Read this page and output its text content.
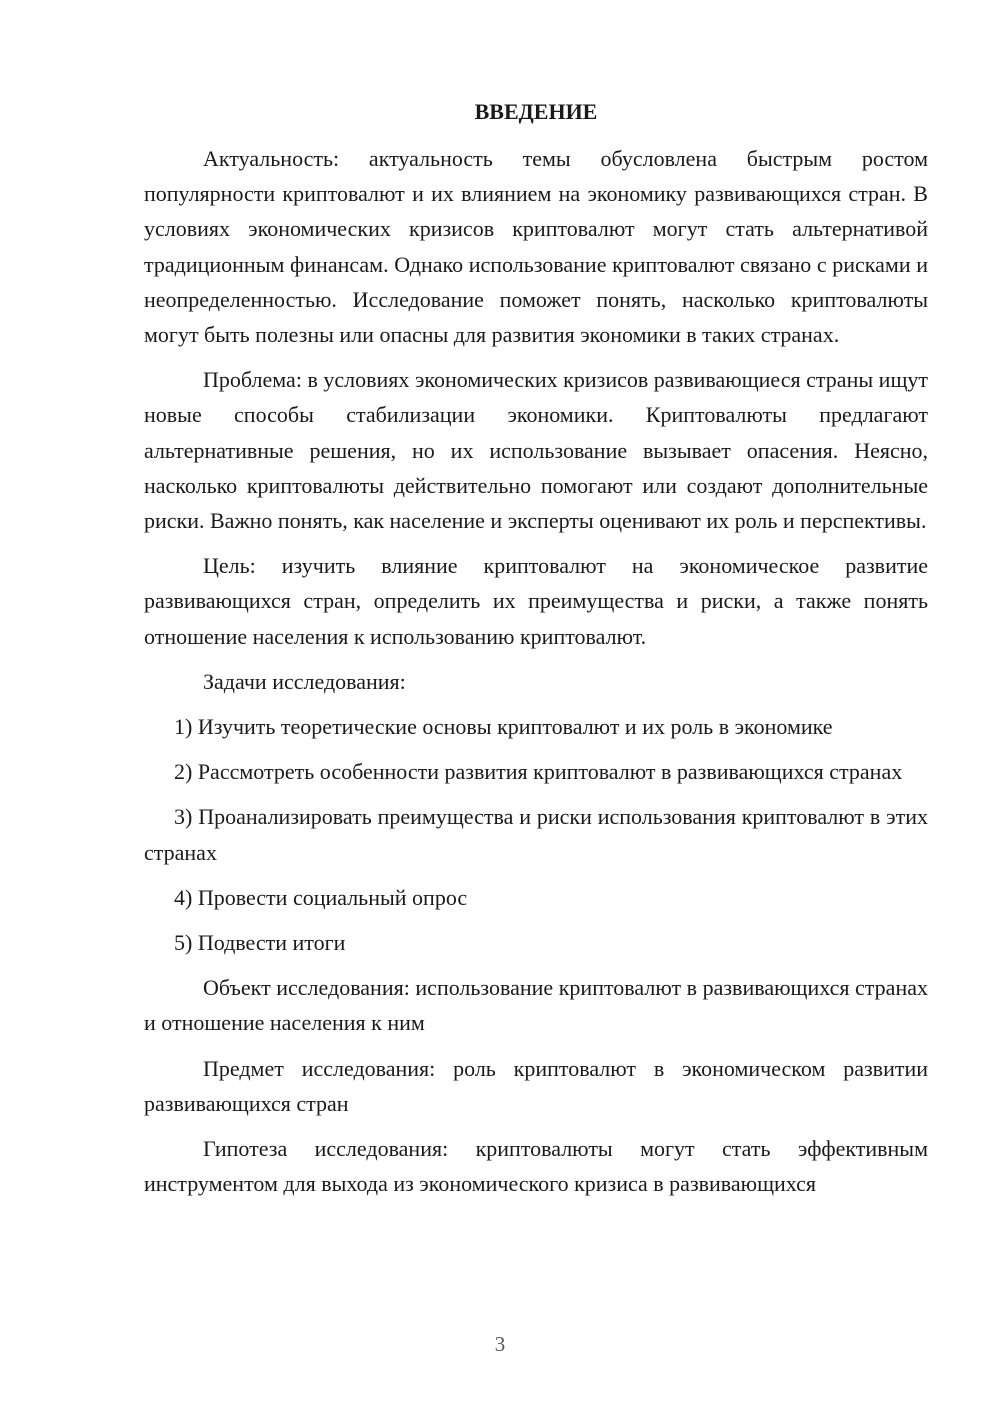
ВВЕДЕНИЕ

Актуальность: актуальность темы обусловлена быстрым ростом популярности криптовалют и их влиянием на экономику развивающихся стран. В условиях экономических кризисов криптовалют могут стать альтернативой традиционным финансам. Однако использование криптовалют связано с рисками и неопределенностью. Исследование поможет понять, насколько криптовалюты могут быть полезны или опасны для развития экономики в таких странах.

Проблема: в условиях экономических кризисов развивающиеся страны ищут новые способы стабилизации экономики. Криптовалюты предлагают альтернативные решения, но их использование вызывает опасения. Неясно, насколько криптовалюты действительно помогают или создают дополнительные риски. Важно понять, как население и эксперты оценивают их роль и перспективы.

Цель: изучить влияние криптовалют на экономическое развитие развивающихся стран, определить их преимущества и риски, а также понять отношение населения к использованию криптовалют.

Задачи исследования:

1) Изучить теоретические основы криптовалют и их роль в экономике

2) Рассмотреть особенности развития криптовалют в развивающихся странах

3) Проанализировать преимущества и риски использования криптовалют в этих странах

4) Провести социальный опрос

5) Подвести итоги

Объект исследования: использование криптовалют в развивающихся странах и отношение населения к ним

Предмет исследования: роль криптовалют в экономическом развитии развивающихся стран

Гипотеза исследования: криптовалюты могут стать эффективным инструментом для выхода из экономического кризиса в развивающихся

3
